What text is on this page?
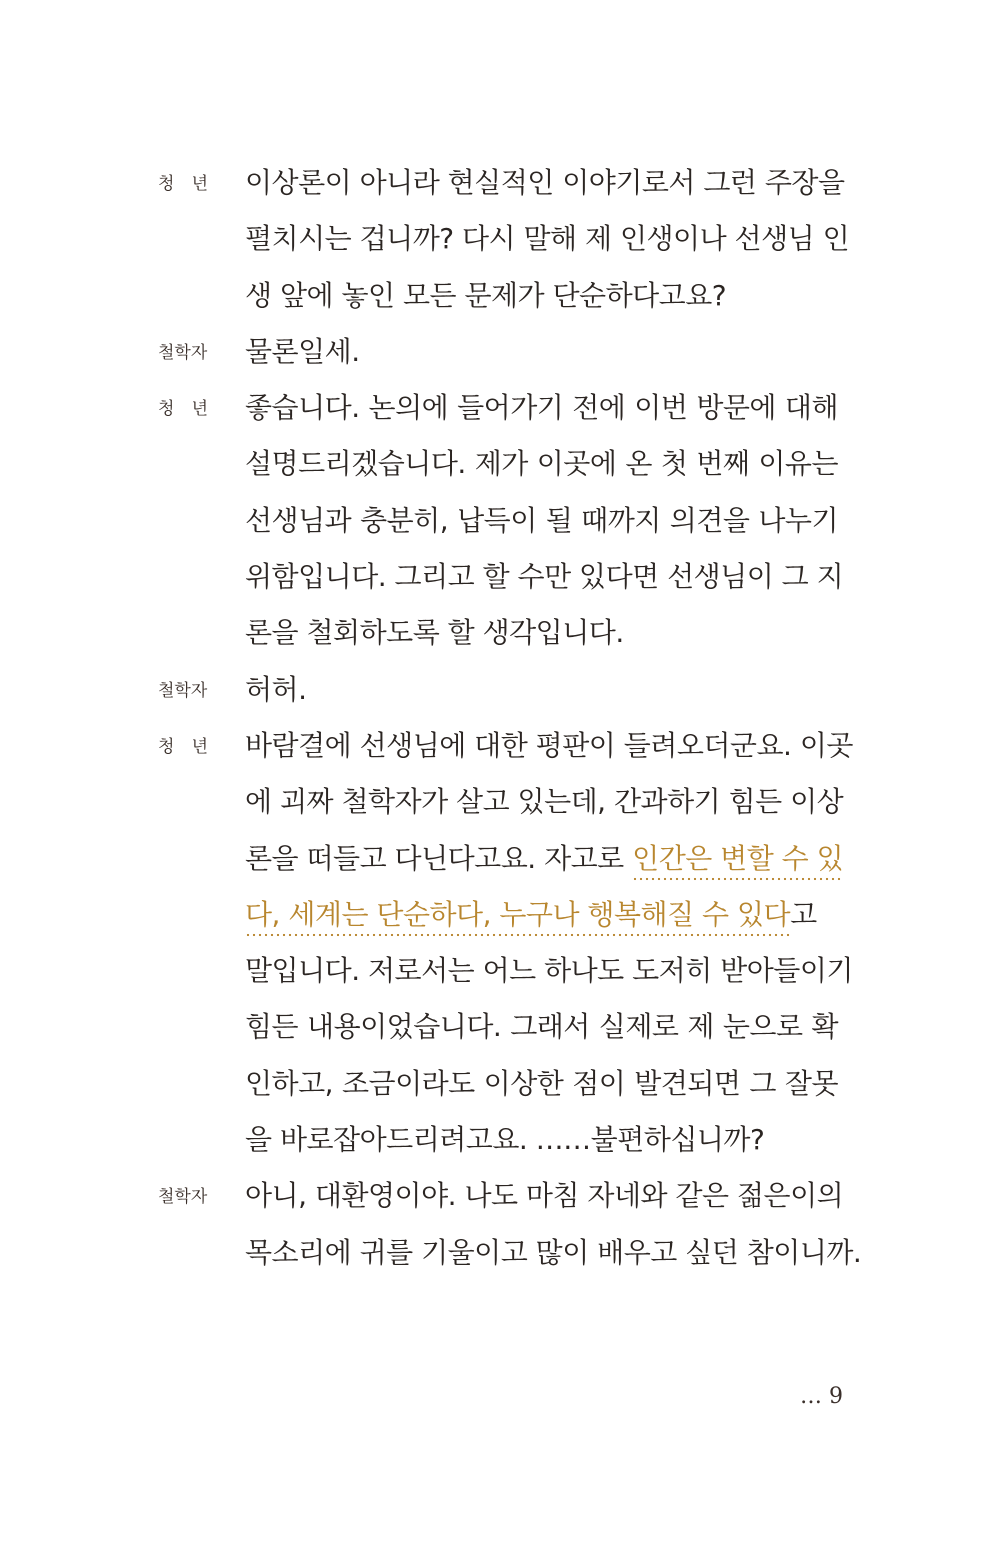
청 년 이상론이 아니라 현실적인 이야기로서 그런 주장을
펼치시는 겁니까? 다시 말해 제 인생이나 선생님 인
생 앞에 놓인 모든 문제가 단순하다고요?
철학자 물론일세.
청 년 좋습니다. 논의에 들어가기 전에 이번 방문에 대해
설명드리겠습니다. 제가 이곳에 온 첫 번째 이유는
선생님과 충분히, 납득이 될 때까지 의견을 나누기
위함입니다. 그리고 할 수만 있다면 선생님이 그 지
론을 철회하도록 할 생각입니다.
철학자 허허.
청 년 바람결에 선생님에 대한 평판이 들려오더군요. 이곳
에 괴짜 철학자가 살고 있는데, 간과하기 힘든 이상
론을 떠들고 다닌다고요. 자고로 인간은 변할 수 있
다, 세계는 단순하다, 누구나 행복해질 수 있다고
말입니다. 저로서는 어느 하나도 도저히 받아들이기
힘든 내용이었습니다. 그래서 실제로 제 눈으로 확
인하고, 조금이라도 이상한 점이 발견되면 그 잘못
을 바로잡아드리려고요. ……불편하십니까?
철학자 아니, 대환영이야. 나도 마침 자네와 같은 젊은이의
목소리에 귀를 기울이고 많이 배우고 싶던 참이니까.
… 9
